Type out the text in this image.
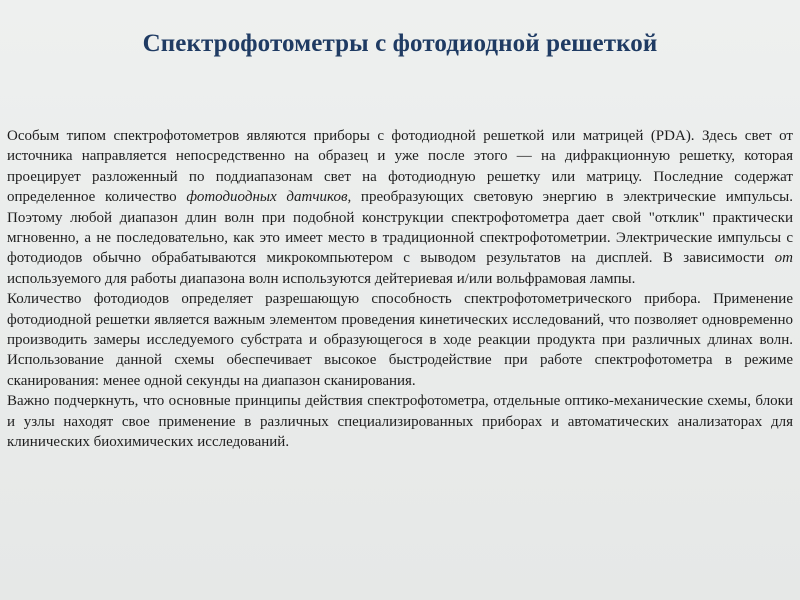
Спектрофотометры с фотодиодной решеткой

Особым типом спектрофотометров являются приборы с фотодиодной решеткой или матрицей (PDA). Здесь свет от источника направляется непосредственно на образец и уже после этого — на дифракционную решетку, которая проецирует разложенный по поддиапазонам свет на фотодиодную решетку или матрицу. Последние содержат определенное количество фотодиодных датчиков, преобразующих световую энергию в электрические импульсы. Поэтому любой диапазон длин волн при подобной конструкции спектрофотометра дает свой "отклик" практически мгновенно, а не последовательно, как это имеет место в традиционной спектрофотометрии. Электрические импульсы с фотодиодов обычно обрабатываются микрокомпьютером с выводом результатов на дисплей. В зависимости от используемого для работы диапазона волн используются дейтериевая и/или вольфрамовая лампы.

Количество фотодиодов определяет разрешающую способность спектрофотометрического прибора. Применение фотодиодной решетки является важным элементом проведения кинетических исследований, что позволяет одновременно производить замеры исследуемого субстрата и образующегося в ходе реакции продукта при различных длинах волн. Использование данной схемы обеспечивает высокое быстродействие при работе спектрофотометра в режиме сканирования: менее одной секунды на диапазон сканирования.

Важно подчеркнуть, что основные принципы действия спектрофотометра, отдельные оптико-механические схемы, блоки и узлы находят свое применение в различных специализированных приборах и автоматических анализаторах для клинических биохимических исследований.
